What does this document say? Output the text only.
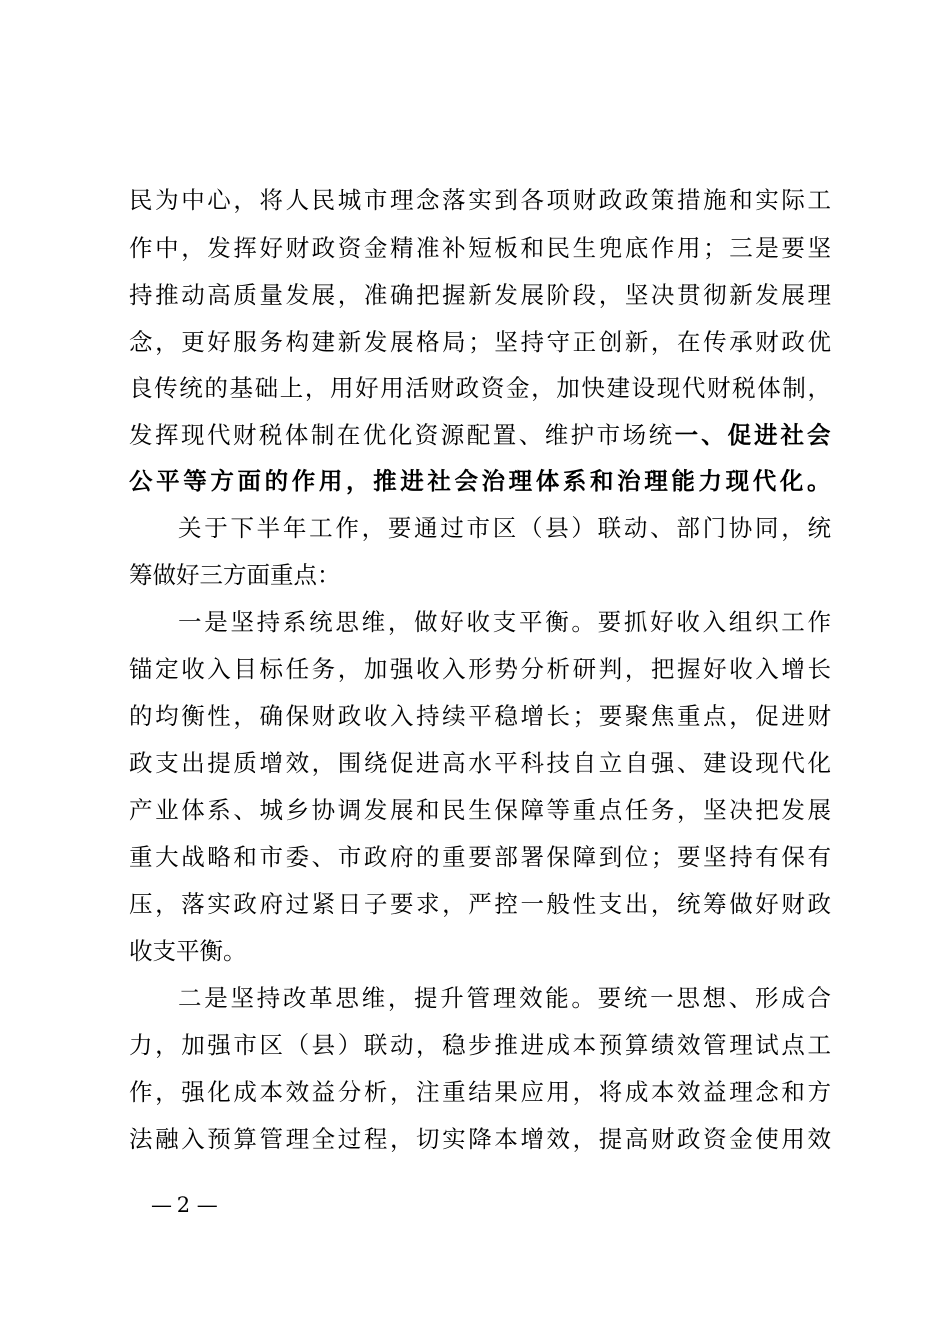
民为中心，将人民城市理念落实到各项财政政策措施和实际工
作中，发挥好财政资金精准补短板和民生兜底作用；三是要坚
持推动高质量发展，准确把握新发展阶段，坚决贯彻新发展理
念，更好服务构建新发展格局；坚持守正创新，在传承财政优
良传统的基础上，用好用活财政资金，加快建设现代财税体制，
发挥现代财税体制在优化资源配置、维护市场统一、促进社会
公平等方面的作用，推进社会治理体系和治理能力现代化。
关于下半年工作，要通过市区（县）联动、部门协同，统
筹做好三方面重点：
一是坚持系统思维，做好收支平衡。要抓好收入组织工作
锚定收入目标任务，加强收入形势分析研判，把握好收入增长
的均衡性，确保财政收入持续平稳增长；要聚焦重点，促进财
政支出提质增效，围绕促进高水平科技自立自强、建设现代化
产业体系、城乡协调发展和民生保障等重点任务，坚决把发展
重大战略和市委、市政府的重要部署保障到位；要坚持有保有
压，落实政府过紧日子要求，严控一般性支出，统筹做好财政
收支平衡。
二是坚持改革思维，提升管理效能。要统一思想、形成合
力，加强市区（县）联动，稳步推进成本预算绩效管理试点工
作，强化成本效益分析，注重结果应用，将成本效益理念和方
法融入预算管理全过程，切实降本增效，提高财政资金使用效
— 2 —
